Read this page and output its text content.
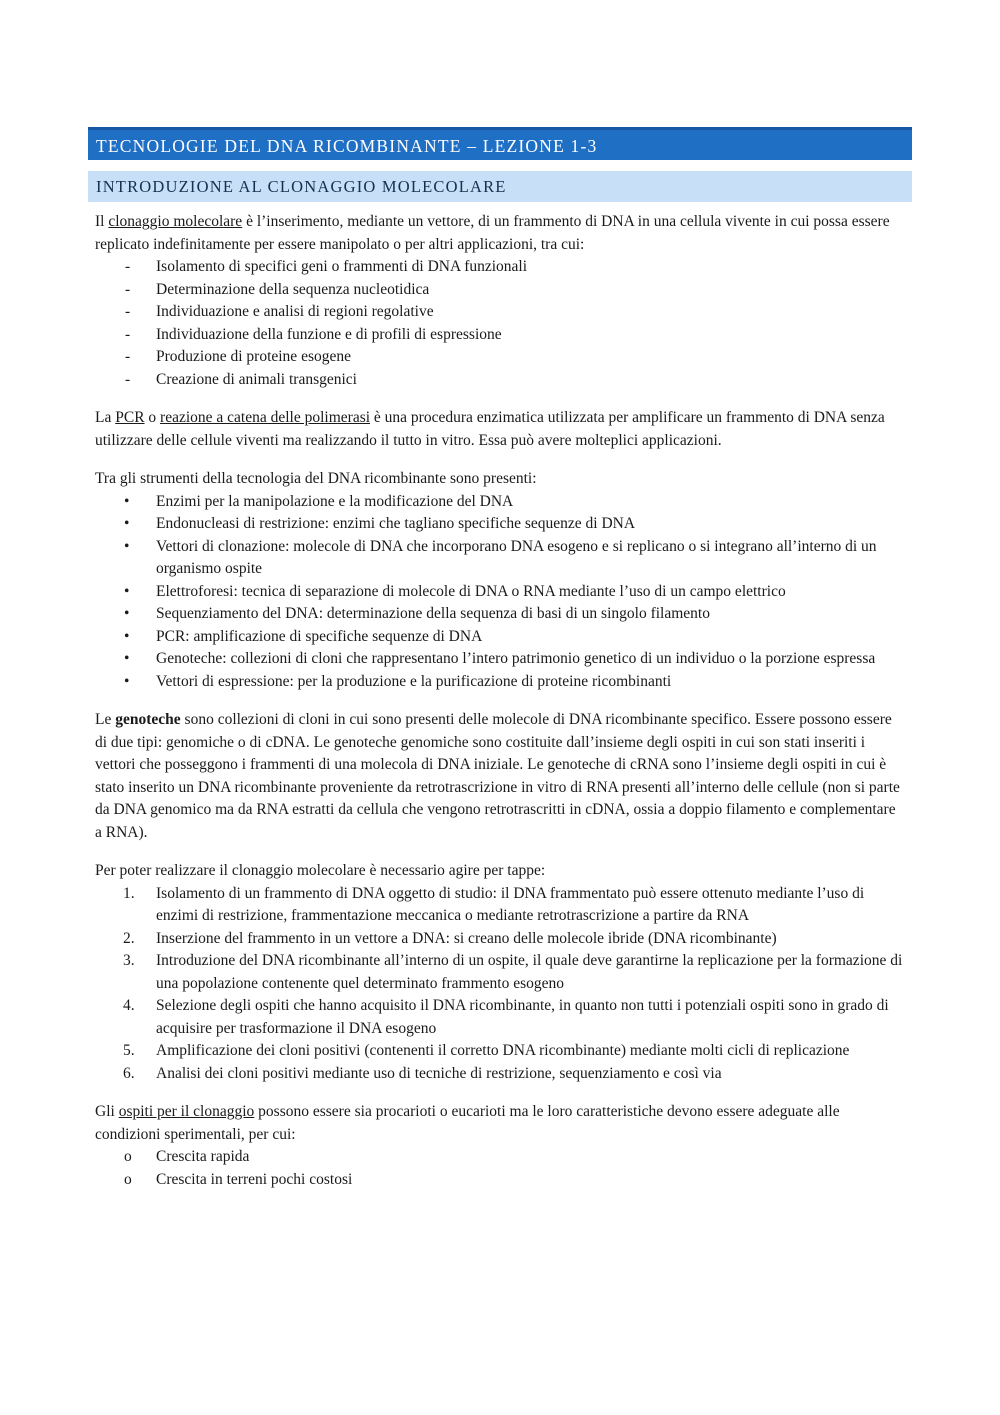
TECNOLOGIE DEL DNA RICOMBINANTE – LEZIONE 1-3
INTRODUZIONE AL CLONAGGIO MOLECOLARE

Il clonaggio molecolare è l’inserimento, mediante un vettore, di un frammento di DNA in una cellula vivente in cui possa essere replicato indefinitamente per essere manipolato o per altri applicazioni, tra cui:

- Isolamento di specifici geni o frammenti di DNA funzionali
- Determinazione della sequenza nucleotidica
- Individuazione e analisi di regioni regolative
- Individuazione della funzione e di profili di espressione
- Produzione di proteine esogene
- Creazione di animali transgenici

La PCR o reazione a catena delle polimerasi è una procedura enzimatica utilizzata per amplificare un frammento di DNA senza utilizzare delle cellule viventi ma realizzando il tutto in vitro. Essa può avere molteplici applicazioni.

Tra gli strumenti della tecnologia del DNA ricombinante sono presenti:

• Enzimi per la manipolazione e la modificazione del DNA
• Endonucleasi di restrizione: enzimi che tagliano specifiche sequenze di DNA
• Vettori di clonazione: molecole di DNA che incorporano DNA esogeno e si replicano o si integrano all’interno di un organismo ospite
• Elettroforesi: tecnica di separazione di molecole di DNA o RNA mediante l’uso di un campo elettrico
• Sequenziamento del DNA: determinazione della sequenza di basi di un singolo filamento
• PCR: amplificazione di specifiche sequenze di DNA
• Genoteche: collezioni di cloni che rappresentano l’intero patrimonio genetico di un individuo o la porzione espressa
• Vettori di espressione: per la produzione e la purificazione di proteine ricombinanti

Le genoteche sono collezioni di cloni in cui sono presenti delle molecole di DNA ricombinante specifico. Essere possono essere di due tipi: genomiche o di cDNA. Le genoteche genomiche sono costituite dall’insieme degli ospiti in cui son stati inseriti i vettori che posseggono i frammenti di una molecola di DNA iniziale. Le genoteche di cRNA sono l’insieme degli ospiti in cui è stato inserito un DNA ricombinante proveniente da retrotrascrizione in vitro di RNA presenti all’interno delle cellule (non si parte da DNA genomico ma da RNA estratti da cellula che vengono retrotrascritti in cDNA, ossia a doppio filamento e complementare a RNA).

Per poter realizzare il clonaggio molecolare è necessario agire per tappe:

1. Isolamento di un frammento di DNA oggetto di studio: il DNA frammentato può essere ottenuto mediante l’uso di enzimi di restrizione, frammentazione meccanica o mediante retrotrascrizione a partire da RNA
2. Inserzione del frammento in un vettore a DNA: si creano delle molecole ibride (DNA ricombinante)
3. Introduzione del DNA ricombinante all’interno di un ospite, il quale deve garantirne la replicazione per la formazione di una popolazione contenente quel determinato frammento esogeno
4. Selezione degli ospiti che hanno acquisito il DNA ricombinante, in quanto non tutti i potenziali ospiti sono in grado di acquisire per trasformazione il DNA esogeno
5. Amplificazione dei cloni positivi (contenenti il corretto DNA ricombinante) mediante molti cicli di replicazione
6. Analisi dei cloni positivi mediante uso di tecniche di restrizione, sequenziamento e così via

Gli ospiti per il clonaggio possono essere sia procarioti o eucarioti ma le loro caratteristiche devono essere adeguate alle condizioni sperimentali, per cui:

o Crescita rapida
o Crescita in terreni pochi costosi
